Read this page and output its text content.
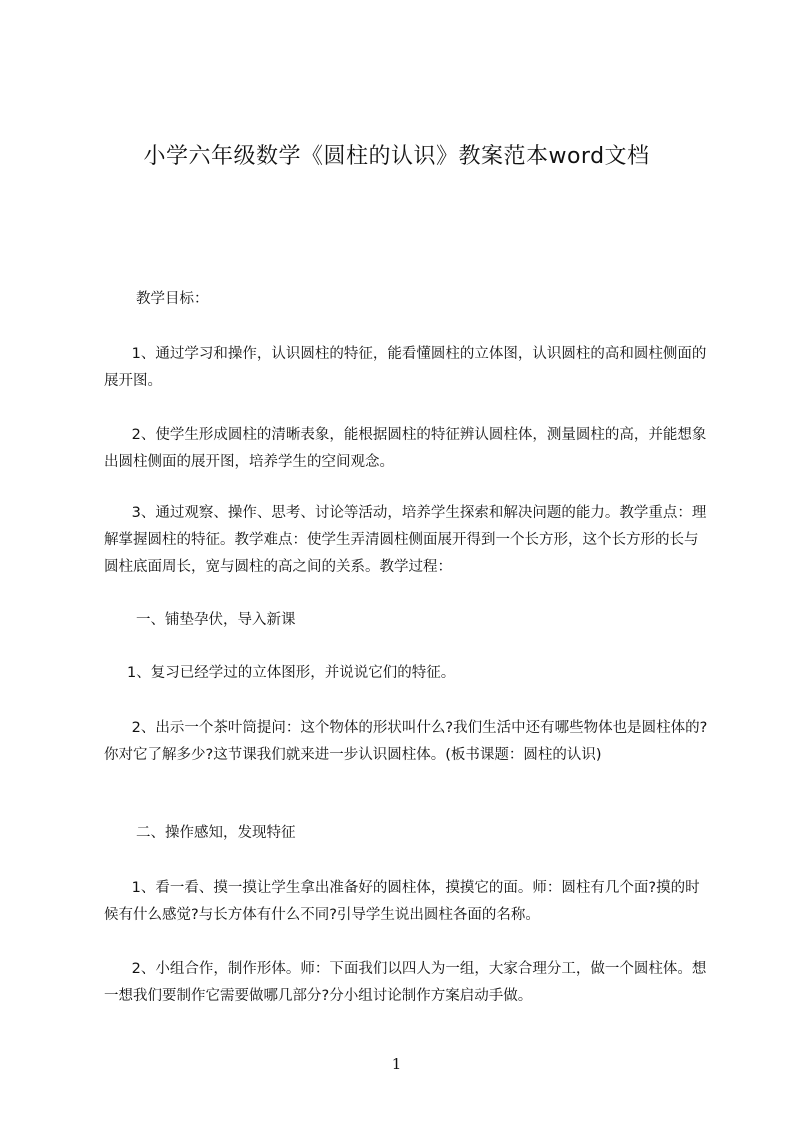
小学六年级数学《圆柱的认识》教案范本word文档
教学目标：
1、通过学习和操作，认识圆柱的特征，能看懂圆柱的立体图，认识圆柱的高和圆柱侧面的展开图。
2、使学生形成圆柱的清晰表象，能根据圆柱的特征辨认圆柱体，测量圆柱的高，并能想象出圆柱侧面的展开图，培养学生的空间观念。
3、通过观察、操作、思考、讨论等活动，培养学生探索和解决问题的能力。教学重点：理解掌握圆柱的特征。教学难点：使学生弄清圆柱侧面展开得到一个长方形，这个长方形的长与圆柱底面周长，宽与圆柱的高之间的关系。教学过程：
一、铺垫孕伏，导入新课
1、复习已经学过的立体图形，并说说它们的特征。
2、出示一个茶叶筒提问：这个物体的形状叫什么?我们生活中还有哪些物体也是圆柱体的?你对它了解多少?这节课我们就来进一步认识圆柱体。(板书课题：圆柱的认识)
二、操作感知，发现特征
1、看一看、摸一摸让学生拿出准备好的圆柱体，摸摸它的面。师：圆柱有几个面?摸的时候有什么感觉?与长方体有什么不同?引导学生说出圆柱各面的名称。
2、小组合作，制作形体。师：下面我们以四人为一组，大家合理分工，做一个圆柱体。想一想我们要制作它需要做哪几部分?分小组讨论制作方案启动手做。
1
